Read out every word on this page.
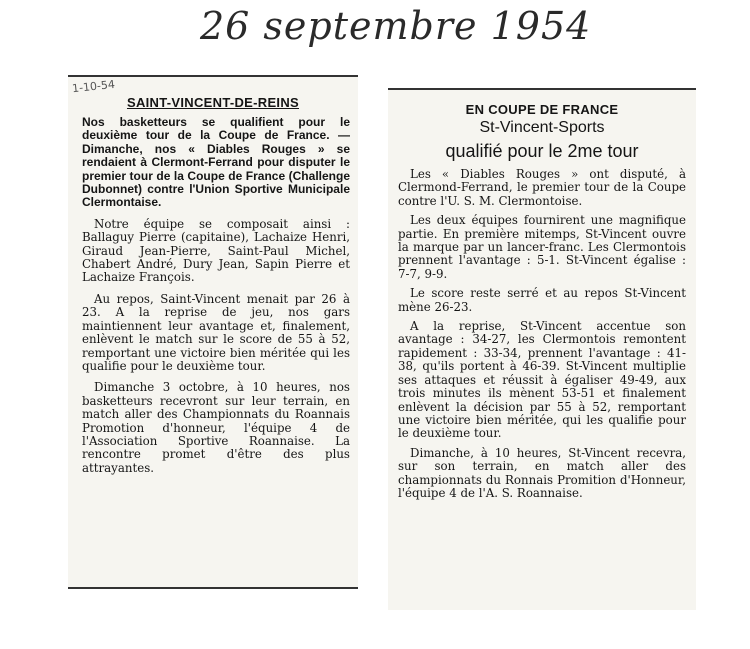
26 septembre 1954
SAINT-VINCENT-DE-REINS

Nos basketteurs se qualifient pour le deuxième tour de la Coupe de France. — Dimanche, nos « Diables Rouges » se rendaient à Clermont-Ferrand pour disputer le premier tour de la Coupe de France (Challenge Dubonnet) contre l'Union Sportive Municipale Clermontaise.

Notre équipe se composait ainsi : Ballaguy Pierre (capitaine), Lachaize Henri, Giraud Jean-Pierre, Saint-Paul Michel, Chabert André, Dury Jean, Sapin Pierre et Lachaize François.

Au repos, Saint-Vincent menait par 26 à 23. A la reprise de jeu, nos gars maintiennent leur avantage et, finalement, enlèvent le match sur le score de 55 à 52, remportant une victoire bien méritée qui les qualifie pour le deuxième tour.

Dimanche 3 octobre, à 10 heures, nos basketteurs recevront sur leur terrain, en match aller des Championnats du Roannais Promotion d'honneur, l'équipe 4 de l'Association Sportive Roannaise. La rencontre promet d'être des plus attrayantes.

1-10-54
EN COUPE DE FRANCE
St-Vincent-Sports
qualifié pour le 2me tour

Les « Diables Rouges » ont disputé, à Clermond-Ferrand, le premier tour de la Coupe contre l'U. S. M. Clermontoise.

Les deux équipes fournirent une magnifique partie. En première mitemps, St-Vincent ouvre la marque par un lancer-franc. Les Clermontois prennent l'avantage : 5-1. St-Vincent égalise : 7-7, 9-9.

Le score reste serré et au repos St-Vincent mène 26-23.

A la reprise, St-Vincent accentue son avantage : 34-27, les Clermontois remontent rapidement : 33-34, prennent l'avantage : 41-38, qu'ils portent à 46-39. St-Vincent multiplie ses attaques et réussit à égaliser 49-49, aux trois minutes ils mènent 53-51 et finalement enlèvent la décision par 55 à 52, remportant une victoire bien méritée, qui les qualifie pour le deuxième tour.

Dimanche, à 10 heures, St-Vincent recevra, sur son terrain, en match aller des championnats du Ronnais Promition d'Honneur, l'équipe 4 de l'A. S. Roannaise.
